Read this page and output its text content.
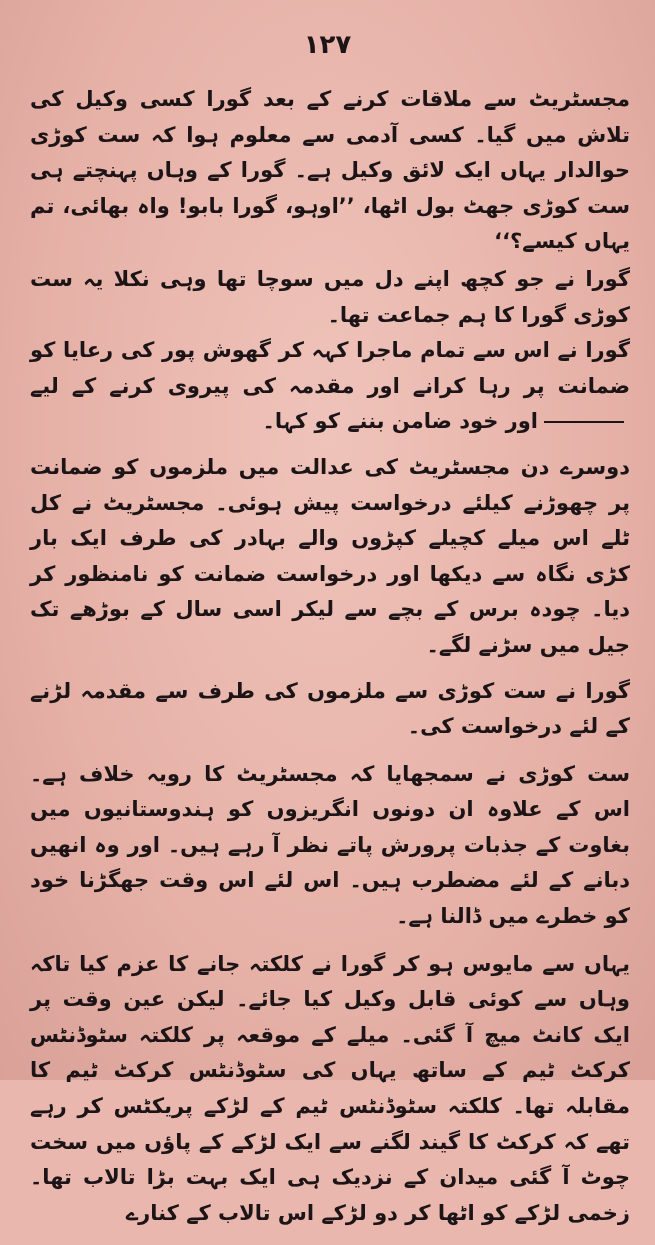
۱۲۷

مجسٹریٹ سے ملاقات کرنے کے بعد گورا کسی وکیل کی تلاش میں گیا۔ کسی آدمی سے معلوم ہوا کہ ست کوڑی حوالدار یہاں ایک لائق وکیل ہے۔ گورا کے وہاں پہنچتے ہی ست کوڑی جھٹ بول اٹھا، ’’اوہو، گورا بابو! واہ بھائی، تم یہاں کیسے؟‘‘

گورا نے جو کچھ اپنے دل میں سوچا تھا وہی نکلا یہ ست کوڑی گورا کا ہم جماعت تھا۔

گورا نے اس سے تمام ماجرا کہہ کر گھوش پور کی رعایا کو ضمانت پر رہا کرانے اور مقدمہ کی پیروی کرنے کے لیےاور خود ضامن بننے کو کہا۔

دوسرے دن مجسٹریٹ کی عدالت میں ملزموں کو ضمانت پر چھوڑنے کیلئے درخواست پیش ہوئی۔ مجسٹریٹ نے کل ٹلے اس میلے کچیلے کپڑوں والے بہادر کی طرف ایک بار کڑی نگاہ سے دیکھا اور درخواست ضمانت کو نامنظور کر دیا۔ چودہ برس کے بچے سے لیکر اسی سال کے بوڑھے تک جیل میں سڑنے لگے۔

گورا نے ست کوڑی سے ملزموں کی طرف سے مقدمہ لڑنے کے لئے درخواست کی۔

ست کوڑی نے سمجھایا کہ مجسٹریٹ کا رویہ خلاف ہے۔ اس کے علاوہ ان دونوں انگریزوں کو ہندوستانیوں میں بغاوت کے جذبات پرورش پاتے نظر آ رہے ہیں۔ اور وہ انھیں دبانے کے لئے مضطرب ہیں۔ اس لئے اس وقت جھگڑنا خود کو خطرے میں ڈالنا ہے۔

یہاں سے مایوس ہو کر گورا نے کلکتہ جانے کا عزم کیا تاکہ وہاں سے کوئی قابل وکیل کیا جائے۔ لیکن عین وقت پر ایک کانٹ میچ آ گئی۔ میلے کے موقعہ پر کلکتہ سٹوڈنٹس کرکٹ ٹیم کے ساتھ یہاں کی سٹوڈنٹس کرکٹ ٹیم کا مقابلہ تھا۔ کلکتہ سٹوڈنٹس ٹیم کے لڑکے پریکٹس کر رہے تھے کہ کرکٹ کا گیند لگنے سے ایک لڑکے کے پاؤں میں سخت چوٹ آ گئی میدان کے نزدیک ہی ایک بہت بڑا تالاب تھا۔ زخمی لڑکے کو اٹھا کر دو لڑکے اس تالاب کے کنارے
